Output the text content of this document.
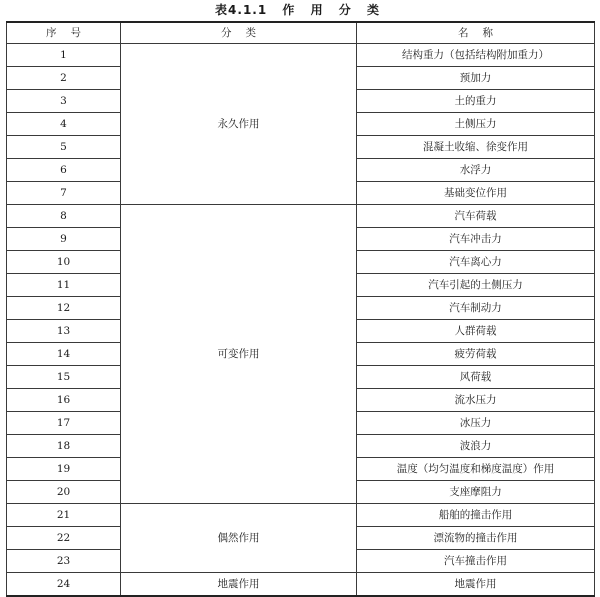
表4.1.1 作 用 分 类
序号	分类	名称
1	永久作用	结构重力（包括结构附加重力）
2		预加力
3		土的重力
4		土侧压力
5		混凝土收缩、徐变作用
6		水浮力
7		基础变位作用
8	可变作用	汽车荷载
9		汽车冲击力
10		汽车离心力
11		汽车引起的土侧压力
12		汽车制动力
13		人群荷载
14		疲劳荷载
15		风荷载
16		流水压力
17		冰压力
18		波浪力
19		温度（均匀温度和梯度温度）作用
20		支座摩阻力
21	偶然作用	船舶的撞击作用
22		漂流物的撞击作用
23		汽车撞击作用
24	地震作用	地震作用
